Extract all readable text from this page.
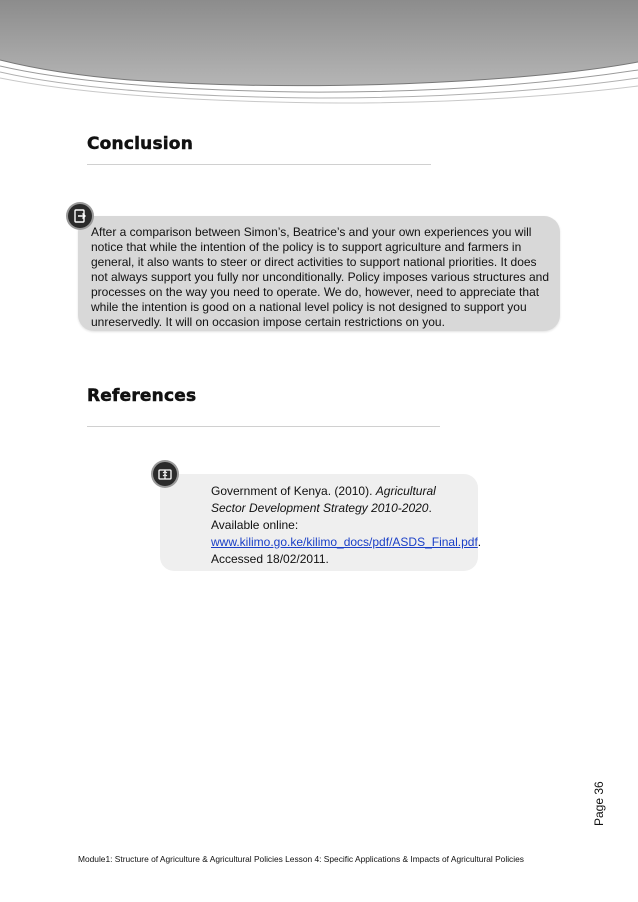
Conclusion

After a comparison between Simon’s, Beatrice’s and your own experiences you will notice that while the intention of the policy is to support agriculture and farmers in general, it also wants to steer or direct activities to support national priorities. It does not always support you fully nor unconditionally. Policy imposes various structures and processes on the way you need to operate. We do, however, need to appreciate that while the intention is good on a national level policy is not designed to support you unreservedly. It will on occasion impose certain restrictions on you.

References

Government of Kenya. (2010). Agricultural Sector Development Strategy 2010-2020.
Available online:
www.kilimo.go.ke/kilimo_docs/pdf/ASDS_Final.pdf. Accessed 18/02/2011.

Page 36

Module1: Structure of Agriculture & Agricultural Policies Lesson 4: Specific Applications & Impacts of Agricultural Policies
